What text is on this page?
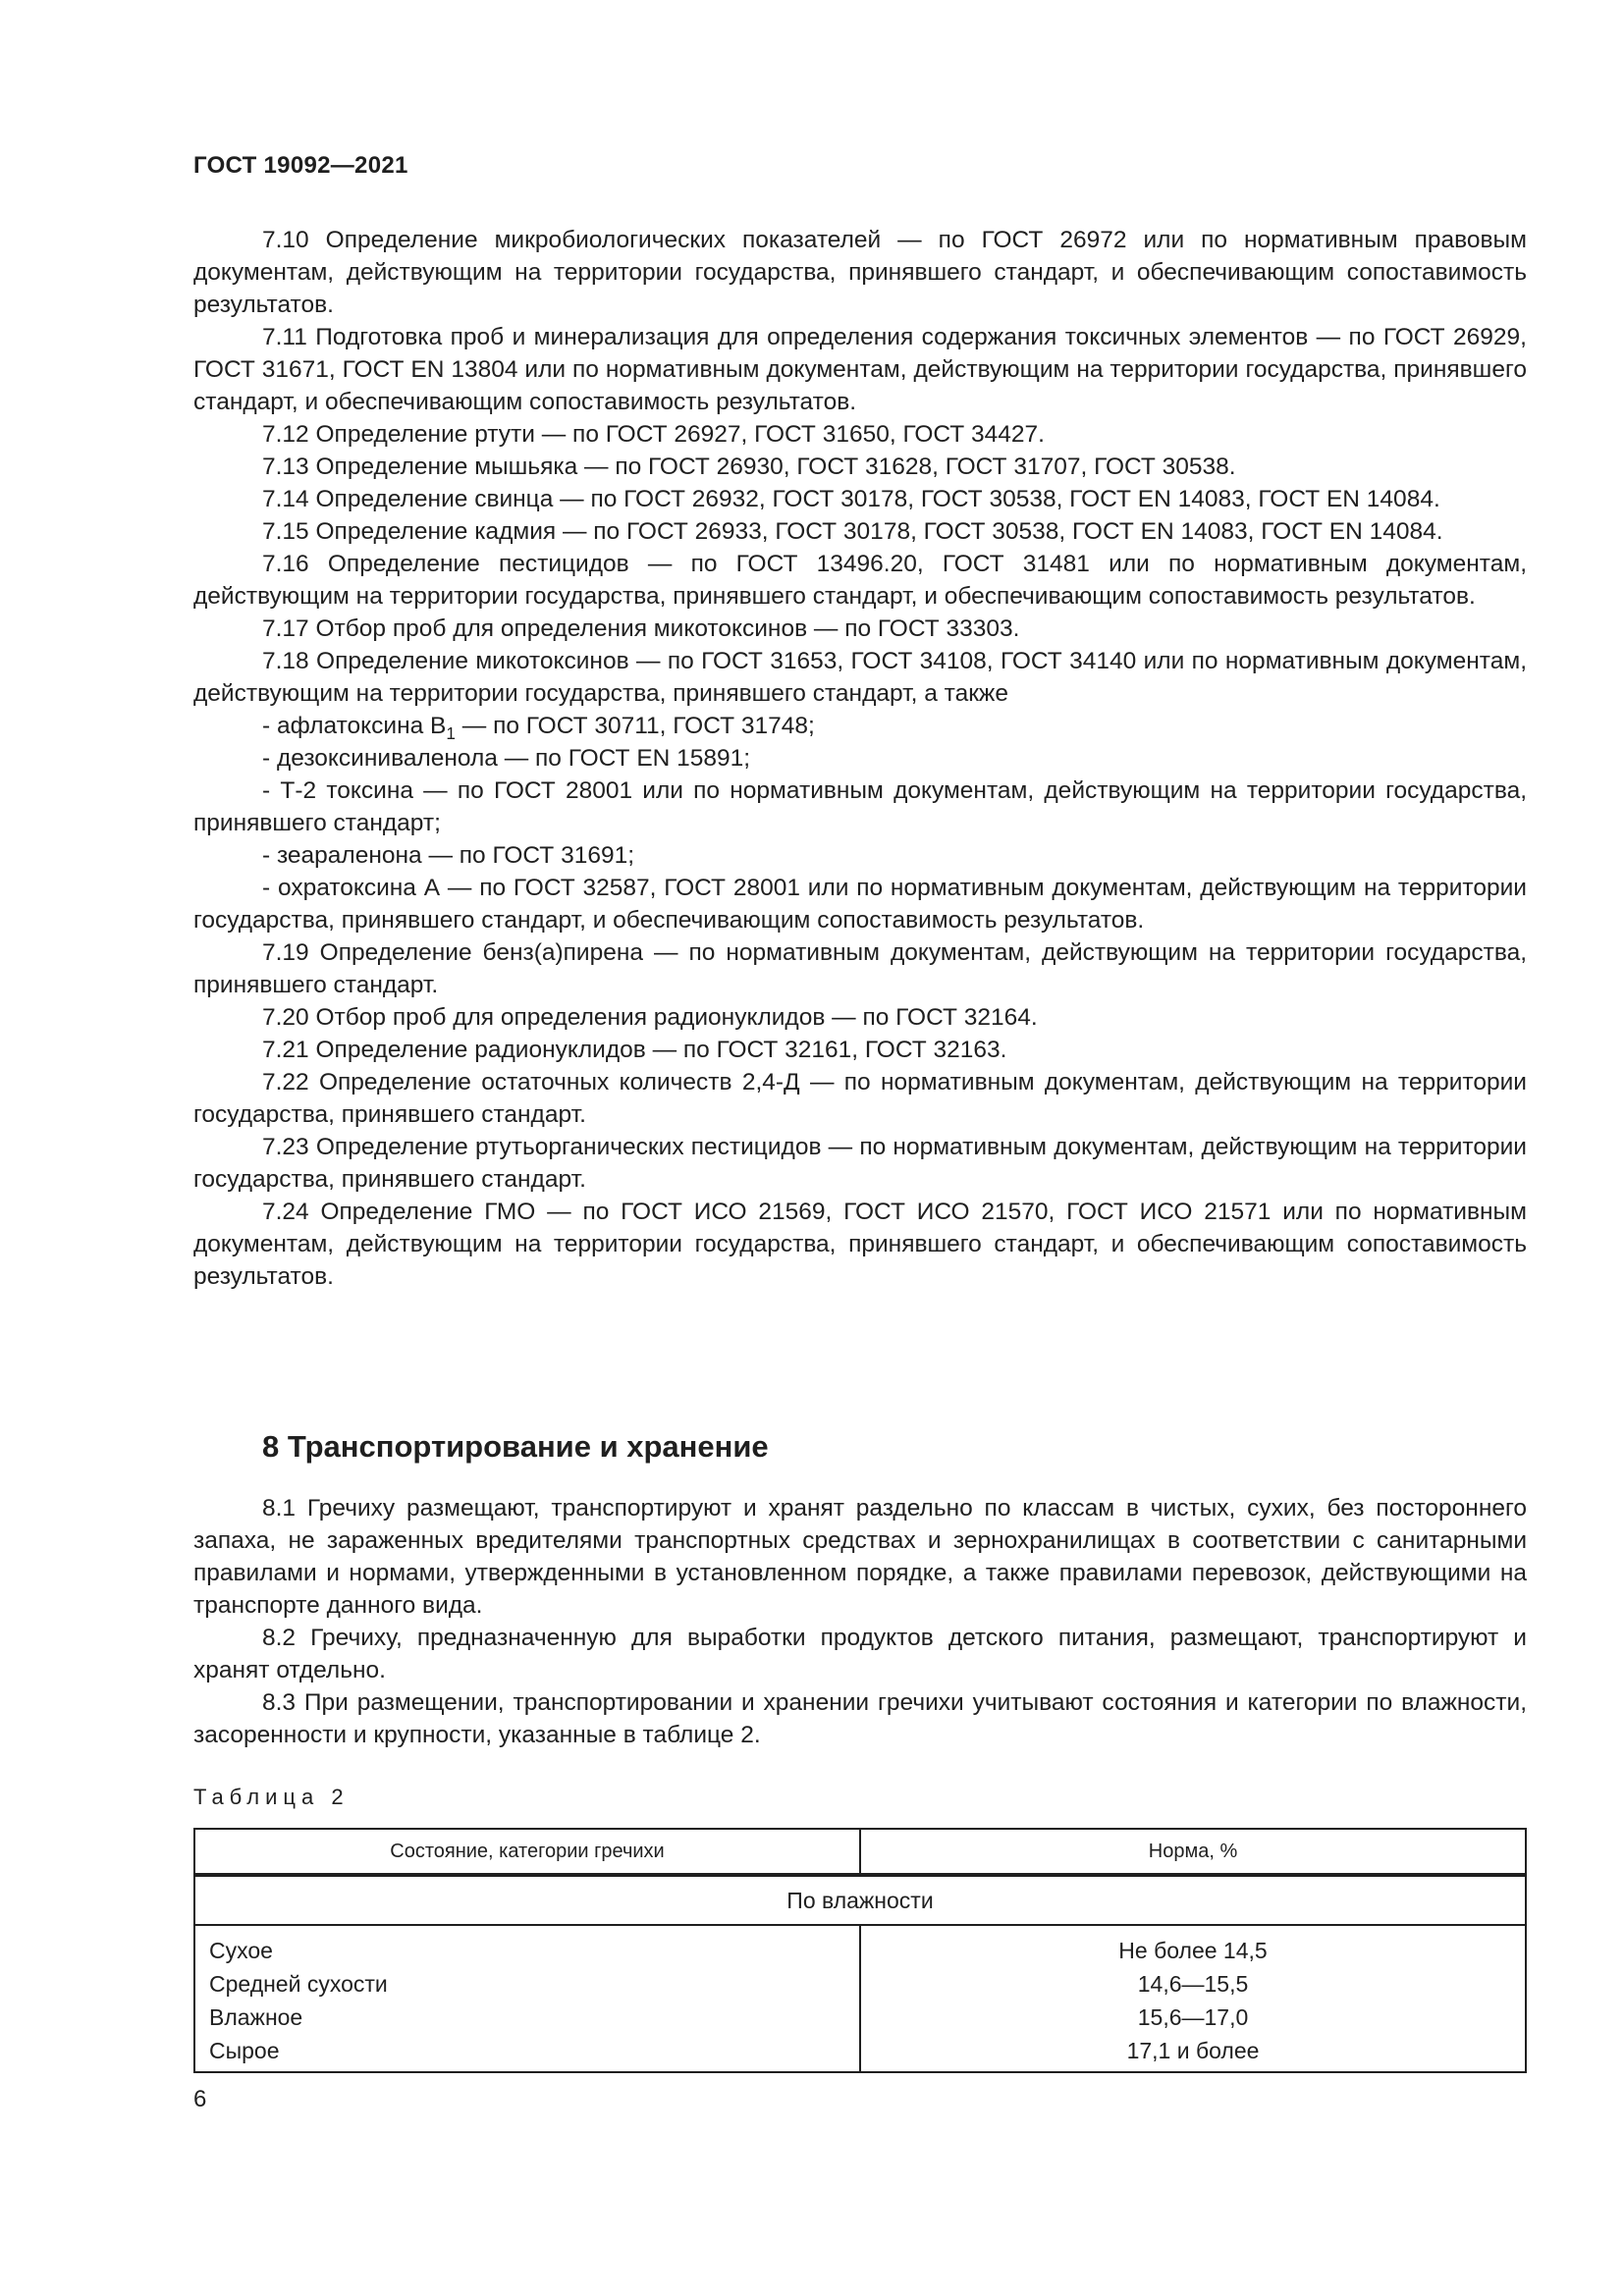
ГОСТ 19092—2021

7.10 Определение микробиологических показателей — по ГОСТ 26972 или по нормативным правовым документам, действующим на территории государства, принявшего стандарт, и обеспечивающим сопоставимость результатов.

7.11 Подготовка проб и минерализация для определения содержания токсичных элементов — по ГОСТ 26929, ГОСТ 31671, ГОСТ EN 13804 или по нормативным документам, действующим на территории государства, принявшего стандарт, и обеспечивающим сопоставимость результатов.

7.12 Определение ртути — по ГОСТ 26927, ГОСТ 31650, ГОСТ 34427.

7.13 Определение мышьяка — по ГОСТ 26930, ГОСТ 31628, ГОСТ 31707, ГОСТ 30538.

7.14 Определение свинца — по ГОСТ 26932, ГОСТ 30178, ГОСТ 30538, ГОСТ EN 14083, ГОСТ EN 14084.

7.15 Определение кадмия — по ГОСТ 26933, ГОСТ 30178, ГОСТ 30538, ГОСТ EN 14083, ГОСТ EN 14084.

7.16 Определение пестицидов — по ГОСТ 13496.20, ГОСТ 31481 или по нормативным документам, действующим на территории государства, принявшего стандарт, и обеспечивающим сопоставимость результатов.

7.17 Отбор проб для определения микотоксинов — по ГОСТ 33303.

7.18 Определение микотоксинов — по ГОСТ 31653, ГОСТ 34108, ГОСТ 34140 или по нормативным документам, действующим на территории государства, принявшего стандарт, а также

- афлатоксина $В_1$ — по ГОСТ 30711, ГОСТ 31748;

- дезоксиниваленола — по ГОСТ EN 15891;

- Т-2 токсина — по ГОСТ 28001 или по нормативным документам, действующим на территории государства, принявшего стандарт;

- зеараленона — по ГОСТ 31691;

- охратоксина А — по ГОСТ 32587, ГОСТ 28001 или по нормативным документам, действующим на территории государства, принявшего стандарт, и обеспечивающим сопоставимость результатов.

7.19 Определение бенз(а)пирена — по нормативным документам, действующим на территории государства, принявшего стандарт.

7.20 Отбор проб для определения радионуклидов — по ГОСТ 32164.

7.21 Определение радионуклидов — по ГОСТ 32161, ГОСТ 32163.

7.22 Определение остаточных количеств 2,4-Д — по нормативным документам, действующим на территории государства, принявшего стандарт.

7.23 Определение ртутьорганических пестицидов — по нормативным документам, действующим на территории государства, принявшего стандарт.

7.24 Определение ГМО — по ГОСТ ИСО 21569, ГОСТ ИСО 21570, ГОСТ ИСО 21571 или по нормативным документам, действующим на территории государства, принявшего стандарт, и обеспечивающим сопоставимость результатов.

8 Транспортирование и хранение

8.1 Гречиху размещают, транспортируют и хранят раздельно по классам в чистых, сухих, без постороннего запаха, не зараженных вредителями транспортных средствах и зернохранилищах в соответствии с санитарными правилами и нормами, утвержденными в установленном порядке, а также правилами перевозок, действующими на транспорте данного вида.

8.2 Гречиху, предназначенную для выработки продуктов детского питания, размещают, транспортируют и хранят отдельно.

8.3 При размещении, транспортировании и хранении гречихи учитывают состояния и категории по влажности, засоренности и крупности, указанные в таблице 2.

Таблица 2
Состояние, категории гречихи	Норма, %
По влажности	
Сухое	Не более 14,5
Средней сухости	14,6—15,5
Влажное	15,6—17,0
Сырое	17,1 и более
6
